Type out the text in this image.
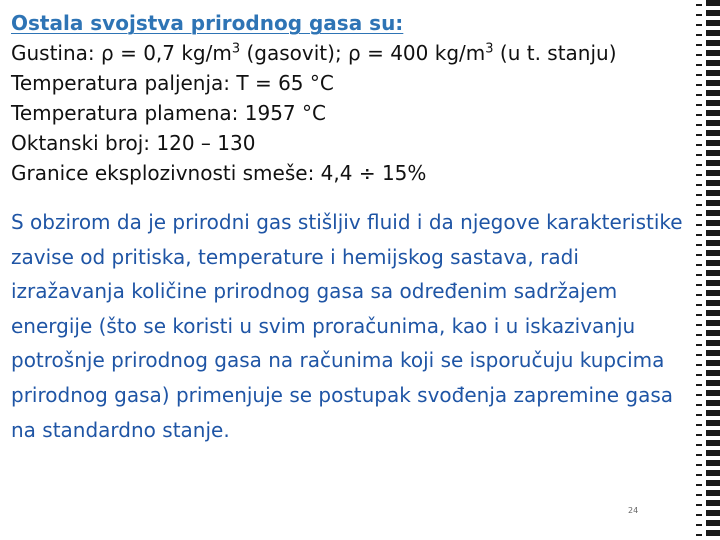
Ostala svojstva prirodnog gasa su:
Gustina: ρ = 0,7 $kg/m^3$ (gasovit); ρ = 400 $kg/m^3$ (u t. stanju)
Temperatura paljenja: T = 65 °C
Temperatura plamena: 1957 °C
Oktanski broj: 120 – 130
Granice eksplozivnosti smeše: 4,4 ÷ 15%

S obzirom da je prirodni gas stišljiv fluid i da njegove karakteristike zavise od pritiska, temperature i hemijskog sastava, radi izražavanja količine prirodnog gasa sa određenim sadržajem energije (što se koristi u svim proračunima, kao i u iskazivanju potrošnje prirodnog gasa na računima koji se isporučuju kupcima prirodnog gasa) primenjuje se postupak svođenja zapremine gasa na standardno stanje.

24
